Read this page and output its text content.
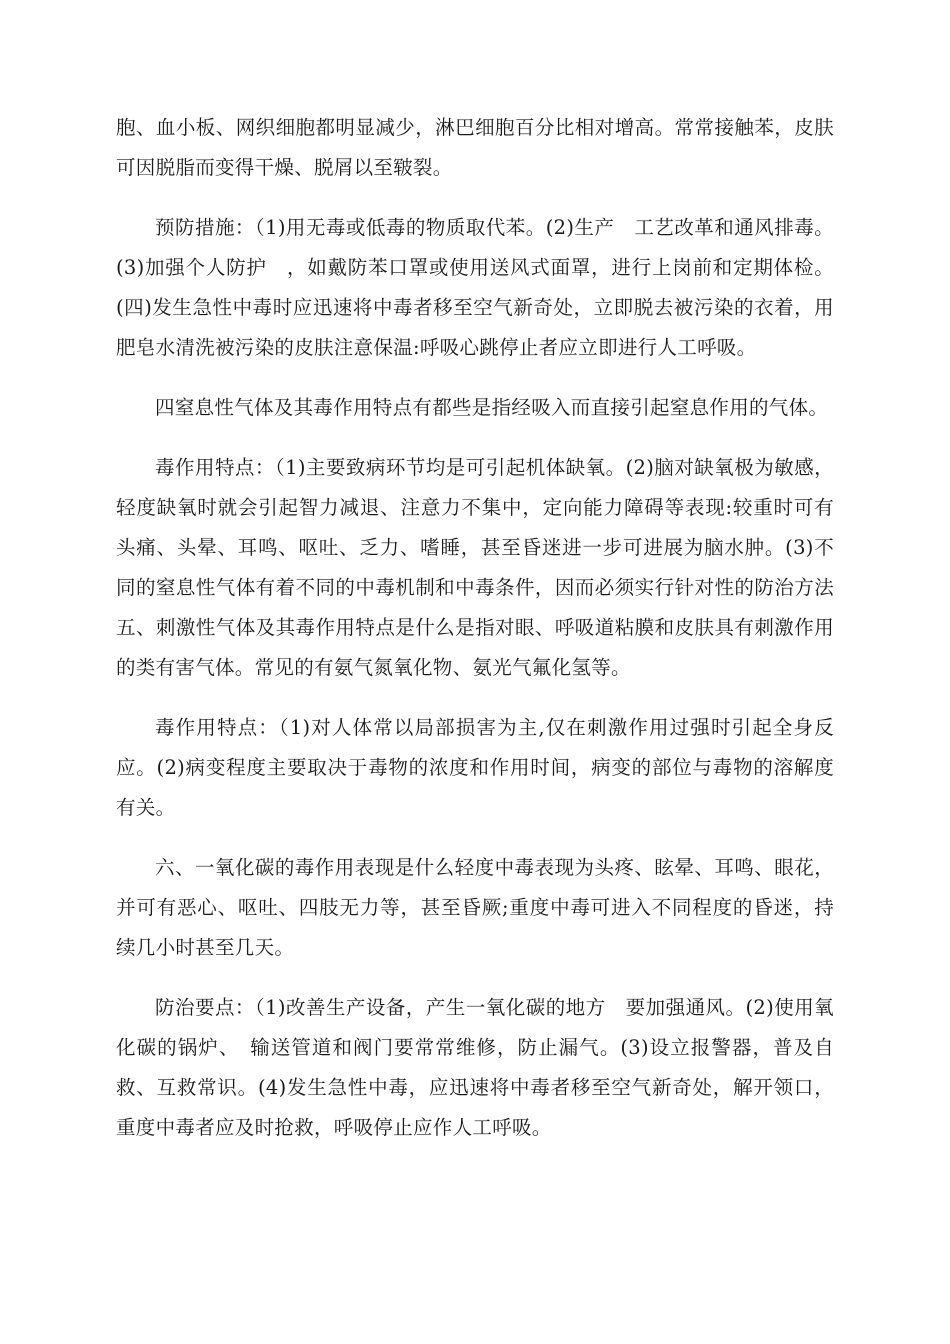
胞、血小板、网织细胞都明显减少，淋巴细胞百分比相对增高。常常接触苯，皮肤可因脱脂而变得干燥、脱屑以至皲裂。

预防措施：（1)用无毒或低毒的物质取代苯。(2)生产　工艺改革和通风排毒。(3)加强个人防护　，如戴防苯口罩或使用送风式面罩，进行上岗前和定期体检。(四)发生急性中毒时应迅速将中毒者移至空气新奇处，立即脱去被污染的衣着，用肥皂水清洗被污染的皮肤注意保温:呼吸心跳停止者应立即进行人工呼吸。

四窒息性气体及其毒作用特点有都些是指经吸入而直接引起窒息作用的气体。

毒作用特点：（1)主要致病环节均是可引起机体缺氧。(2)脑对缺氧极为敏感，轻度缺氧时就会引起智力减退、注意力不集中，定向能力障碍等表现:较重时可有头痛、头晕、耳鸣、呕吐、乏力、嗜睡，甚至昏迷进一步可进展为脑水肿。(3)不同的窒息性气体有着不同的中毒机制和中毒条件，因而必须实行针对性的防治方法五、刺激性气体及其毒作用特点是什么是指对眼、呼吸道粘膜和皮肤具有刺激作用的类有害气体。常见的有氨气氮氧化物、氨光气氟化氢等。

毒作用特点：（1)对人体常以局部损害为主,仅在刺激作用过强时引起全身反应。(2)病变程度主要取决于毒物的浓度和作用时间，病变的部位与毒物的溶解度有关。

六、一氧化碳的毒作用表现是什么轻度中毒表现为头疼、眩晕、耳鸣、眼花，并可有恶心、呕吐、四肢无力等，甚至昏厥;重度中毒可进入不同程度的昏迷，持续几小时甚至几天。

防治要点：（1)改善生产设备，产生一氧化碳的地方　要加强通风。(2)使用氧化碳的锅炉、　输送管道和阀门要常常维修，防止漏气。(3)设立报警器，普及自救、互救常识。(4)发生急性中毒，应迅速将中毒者移至空气新奇处，解开领口，重度中毒者应及时抢救，呼吸停止应作人工呼吸。
